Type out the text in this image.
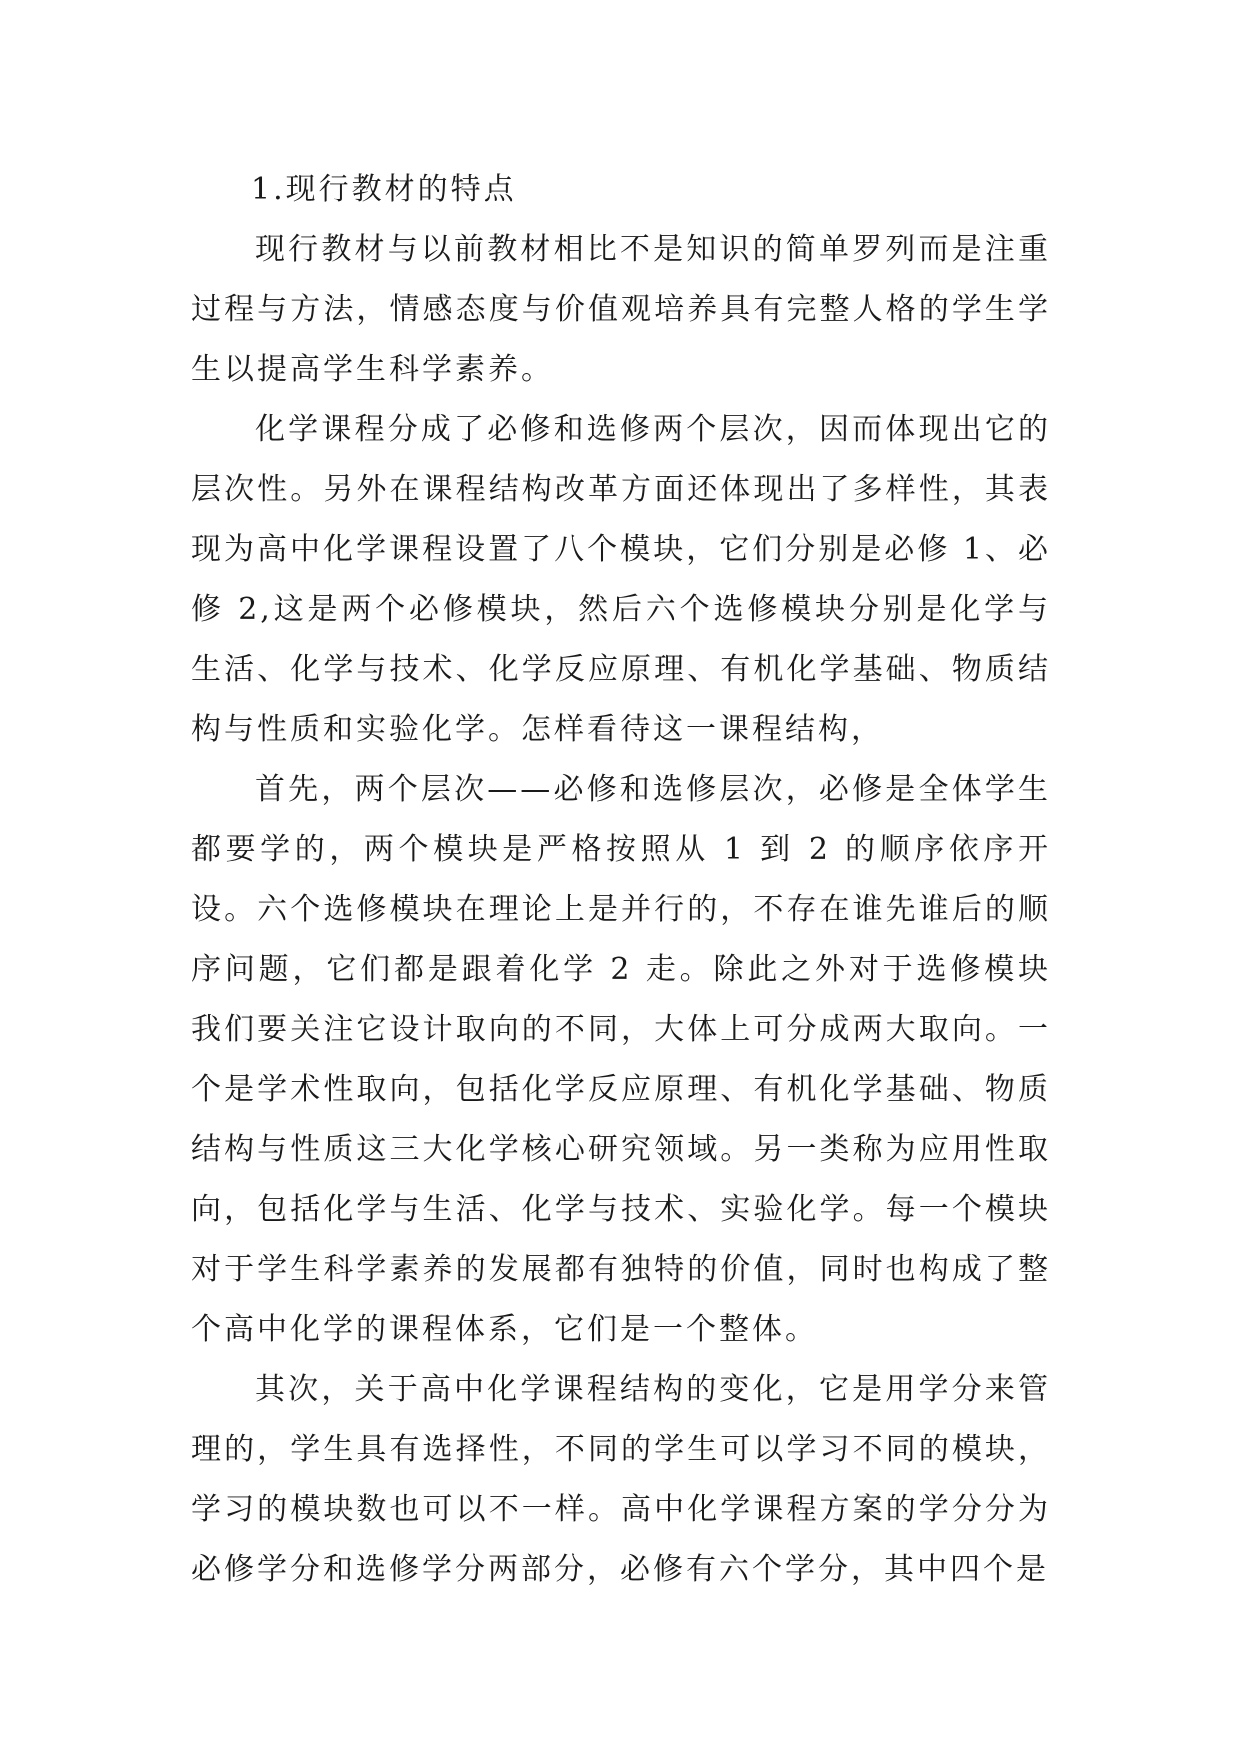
1.现行教材的特点

现行教材与以前教材相比不是知识的简单罗列而是注重过程与方法，情感态度与价值观培养具有完整人格的学生学生以提高学生科学素养。

化学课程分成了必修和选修两个层次，因而体现出它的层次性。另外在课程结构改革方面还体现出了多样性，其表现为高中化学课程设置了八个模块，它们分别是必修 1、必修 2,这是两个必修模块，然后六个选修模块分别是化学与生活、化学与技术、化学反应原理、有机化学基础、物质结构与性质和实验化学。怎样看待这一课程结构，

首先，两个层次——必修和选修层次，必修是全体学生都要学的，两个模块是严格按照从 1 到 2 的顺序依序开设。六个选修模块在理论上是并行的，不存在谁先谁后的顺序问题，它们都是跟着化学 2 走。除此之外对于选修模块我们要关注它设计取向的不同，大体上可分成两大取向。一个是学术性取向，包括化学反应原理、有机化学基础、物质结构与性质这三大化学核心研究领域。另一类称为应用性取向，包括化学与生活、化学与技术、实验化学。每一个模块对于学生科学素养的发展都有独特的价值，同时也构成了整个高中化学的课程体系，它们是一个整体。

其次，关于高中化学课程结构的变化，它是用学分来管理的，学生具有选择性，不同的学生可以学习不同的模块，学习的模块数也可以不一样。高中化学课程方案的学分分为必修学分和选修学分两部分，必修有六个学分，其中四个是
